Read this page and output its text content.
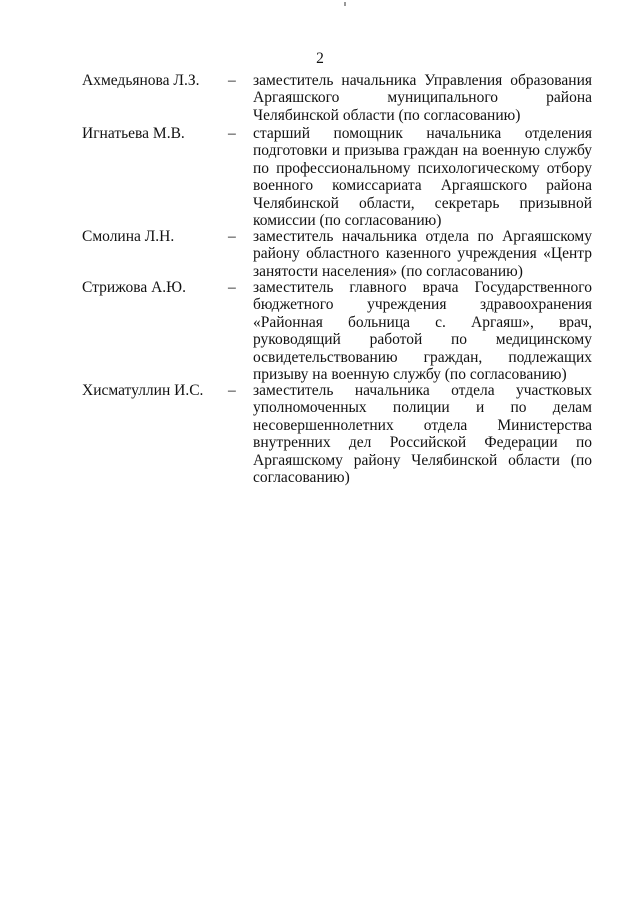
2
Ахмедьянова Л.З. – заместитель начальника Управления образования Аргаяшского муниципального района Челябинской области (по согласованию)

Игнатьева М.В.	– старший помощник начальника отделения подготовки и призыва граждан на военную службу по профессиональному психологическому отбору военного комиссариата Аргаяшского района Челябинской области, секретарь призывной комиссии (по согласованию)

Смолина Л.Н.	– заместитель начальника отдела по Аргаяшскому району областного казенного учреждения «Центр занятости населения» (по согласованию)

Стрижова А.Ю.	– заместитель главного врача Государственного бюджетного учреждения здравоохранения «Районная больница с. Аргаяш», врач, руководящий работой по медицинскому освидетельствованию граждан, подлежащих призыву на военную службу (по согласованию)

Хисматуллин И.С. – заместитель начальника отдела участковых уполномоченных полиции и по делам несовершеннолетних отдела Министерства внутренних дел Российской Федерации по Аргаяшскому району Челябинской области (по согласованию)
